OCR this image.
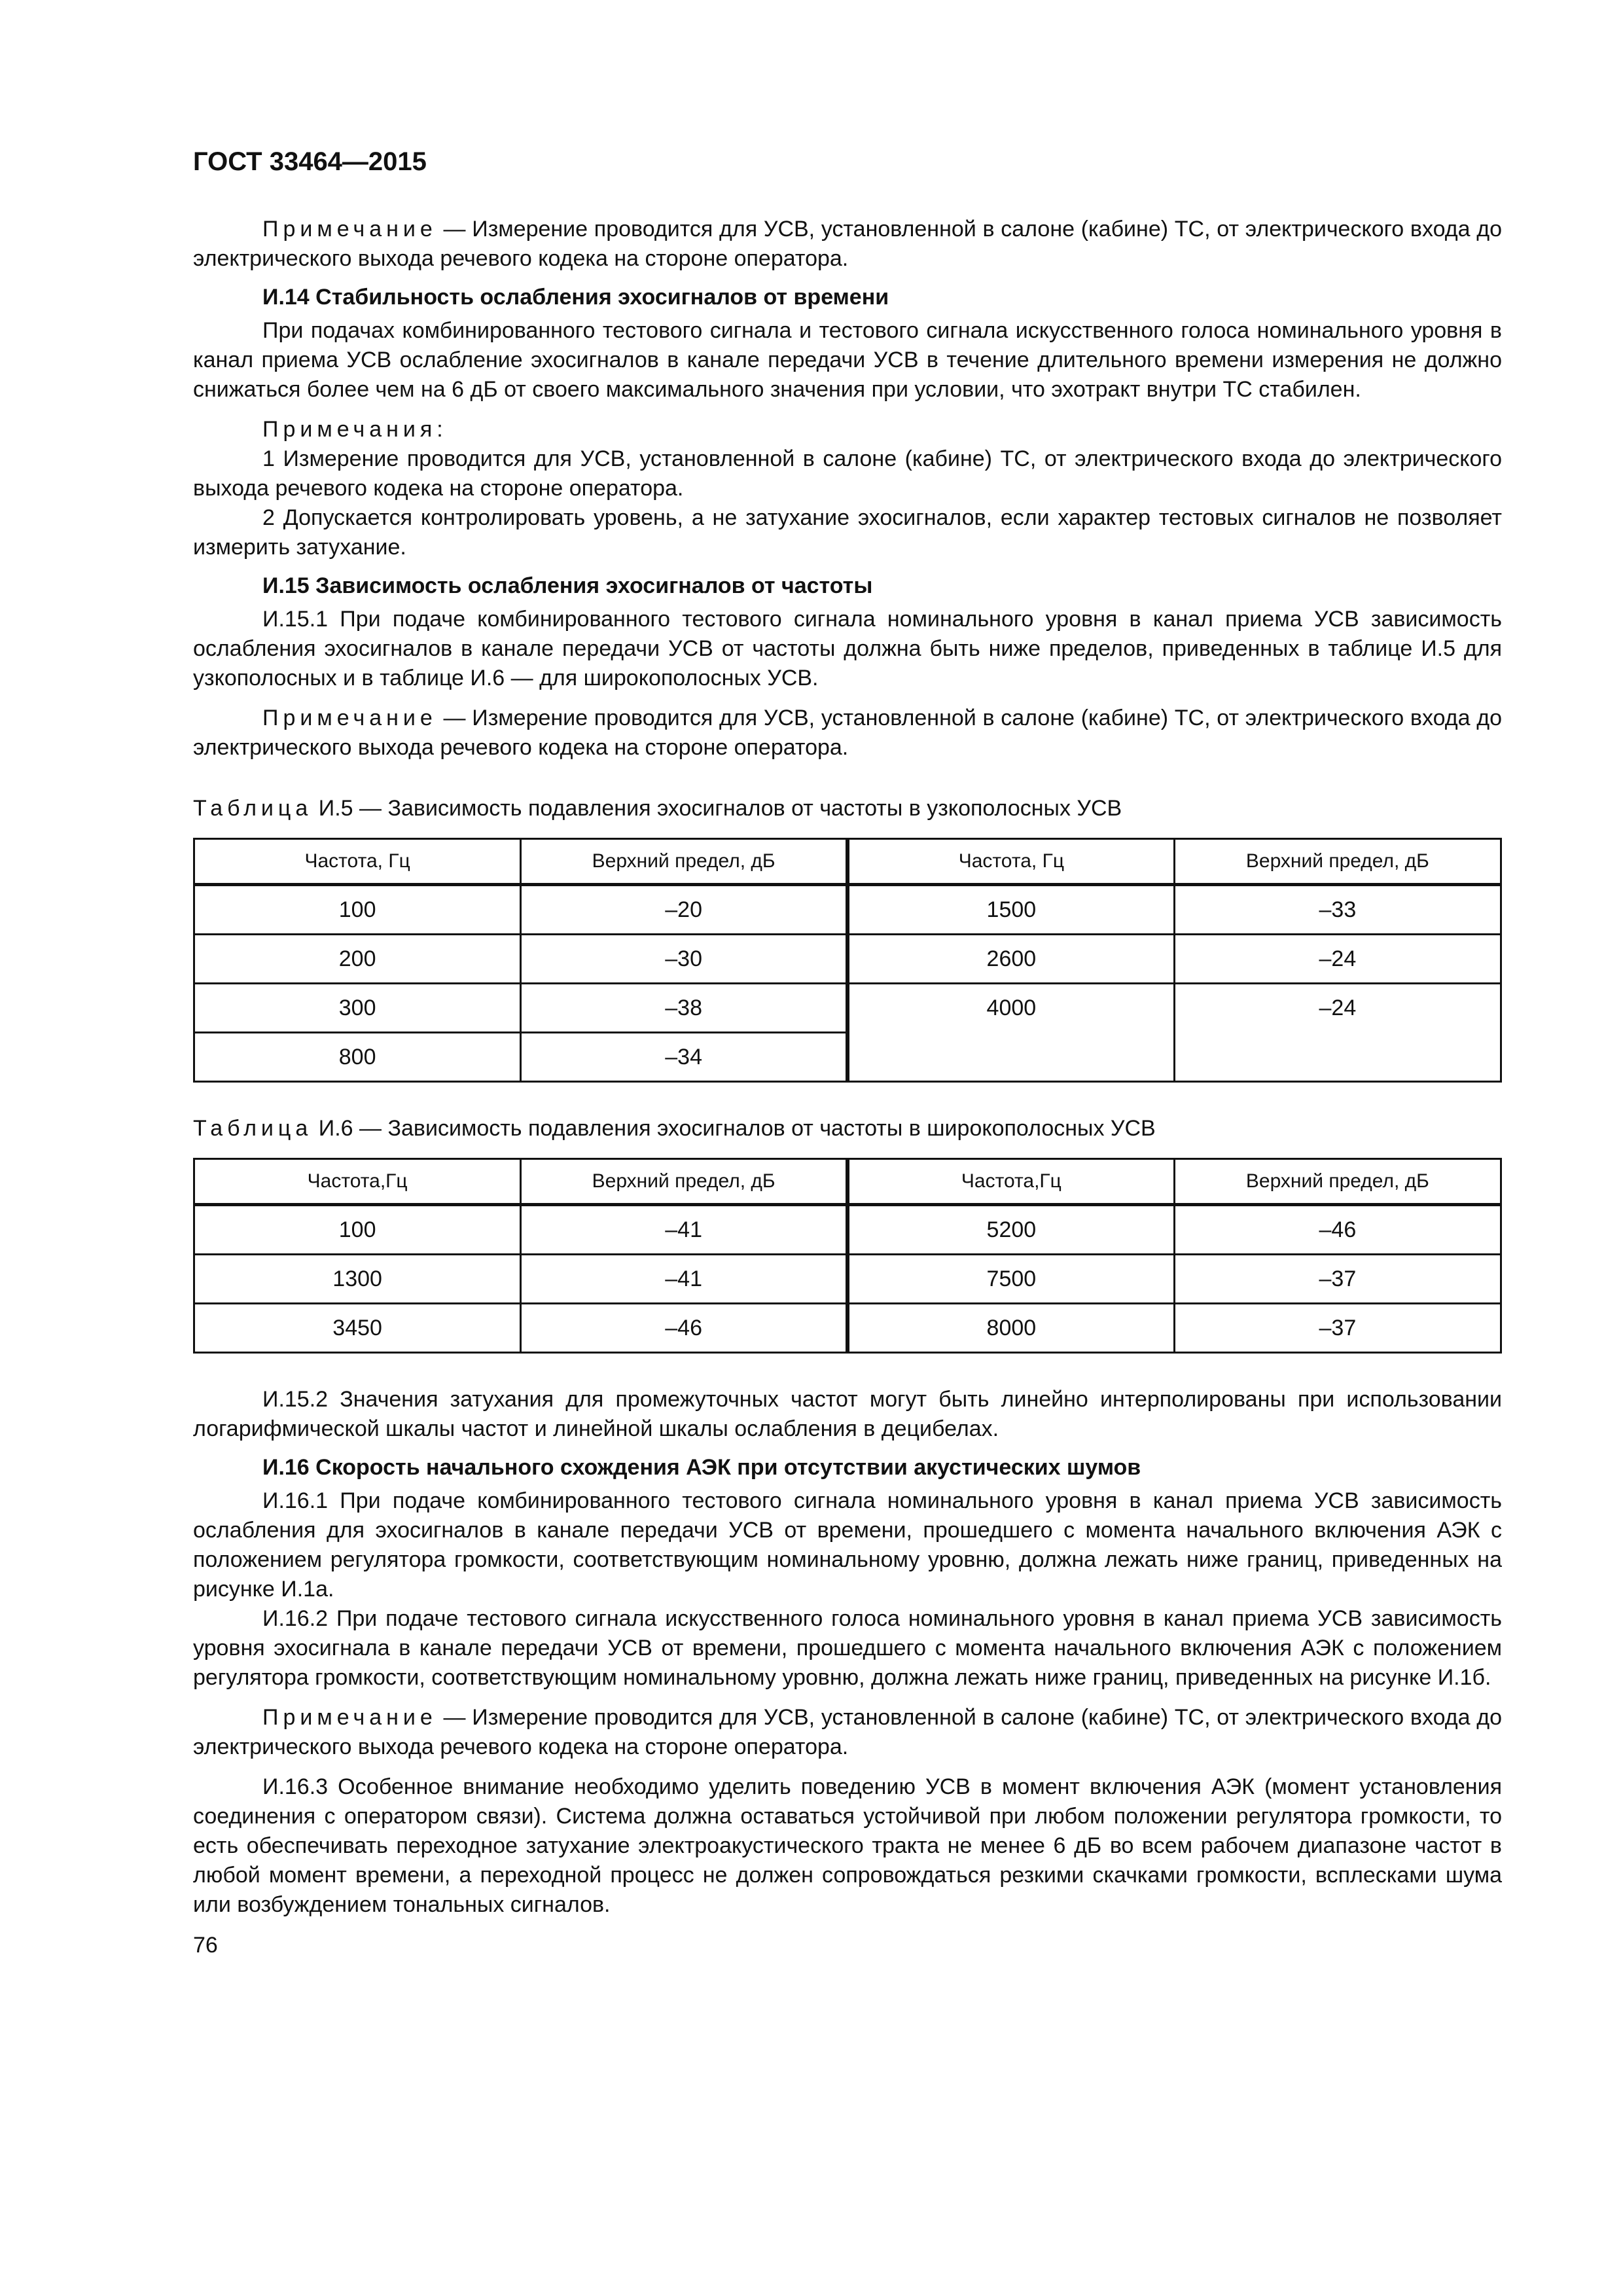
ГОСТ 33464—2015

Примечание — Измерение проводится для УСВ, установленной в салоне (кабине) ТС, от электрического входа до электрического выхода речевого кодека на стороне оператора.

И.14 Стабильность ослабления эхосигналов от времени

При подачах комбинированного тестового сигнала и тестового сигнала искусственного голоса номинального уровня в канал приема УСВ ослабление эхосигналов в канале передачи УСВ в течение длительного времени измерения не должно снижаться более чем на 6 дБ от своего максимального значения при условии, что эхотракт внутри ТС стабилен.

Примечания:

1 Измерение проводится для УСВ, установленной в салоне (кабине) ТС, от электрического входа до электрического выхода речевого кодека на стороне оператора.

2 Допускается контролировать уровень, а не затухание эхосигналов, если характер тестовых сигналов не позволяет измерить затухание.

И.15 Зависимость ослабления эхосигналов от частоты

И.15.1 При подаче комбинированного тестового сигнала номинального уровня в канал приема УСВ зависимость ослабления эхосигналов в канале передачи УСВ от частоты должна быть ниже пределов, приведенных в таблице И.5 для узкополосных и в таблице И.6 — для широкополосных УСВ.

Примечание — Измерение проводится для УСВ, установленной в салоне (кабине) ТС, от электрического входа до электрического выхода речевого кодека на стороне оператора.

Таблица И.5 — Зависимость подавления эхосигналов от частоты в узкополосных УСВ

Частота, Гц	Верхний предел, дБ	Частота, Гц	Верхний предел, дБ
100	–20	1500	–33
200	–30	2600	–24
300	–38	4000	–24
800	–34		

Таблица И.6 — Зависимость подавления эхосигналов от частоты в широкополосных УСВ

Частота,Гц	Верхний предел, дБ	Частота,Гц	Верхний предел, дБ
100	–41	5200	–46
1300	–41	7500	–37
3450	–46	8000	–37

И.15.2 Значения затухания для промежуточных частот могут быть линейно интерполированы при использовании логарифмической шкалы частот и линейной шкалы ослабления в децибелах.

И.16 Скорость начального схождения АЭК при отсутствии акустических шумов

И.16.1 При подаче комбинированного тестового сигнала номинального уровня в канал приема УСВ зависимость ослабления для эхосигналов в канале передачи УСВ от времени, прошедшего с момента начального включения АЭК с положением регулятора громкости, соответствующим номинальному уровню, должна лежать ниже границ, приведенных на рисунке И.1а.

И.16.2 При подаче тестового сигнала искусственного голоса номинального уровня в канал приема УСВ зависимость уровня эхосигнала в канале передачи УСВ от времени, прошедшего с момента начального включения АЭК с положением регулятора громкости, соответствующим номинальному уровню, должна лежать ниже границ, приведенных на рисунке И.1б.

Примечание — Измерение проводится для УСВ, установленной в салоне (кабине) ТС, от электрического входа до электрического выхода речевого кодека на стороне оператора.

И.16.3 Особенное внимание необходимо уделить поведению УСВ в момент включения АЭК (момент установления соединения с оператором связи). Система должна оставаться устойчивой при любом положении регулятора громкости, то есть обеспечивать переходное затухание электроакустического тракта не менее 6 дБ во всем рабочем диапазоне частот в любой момент времени, а переходной процесс не должен сопровождаться резкими скачками громкости, всплесками шума или возбуждением тональных сигналов.

76
